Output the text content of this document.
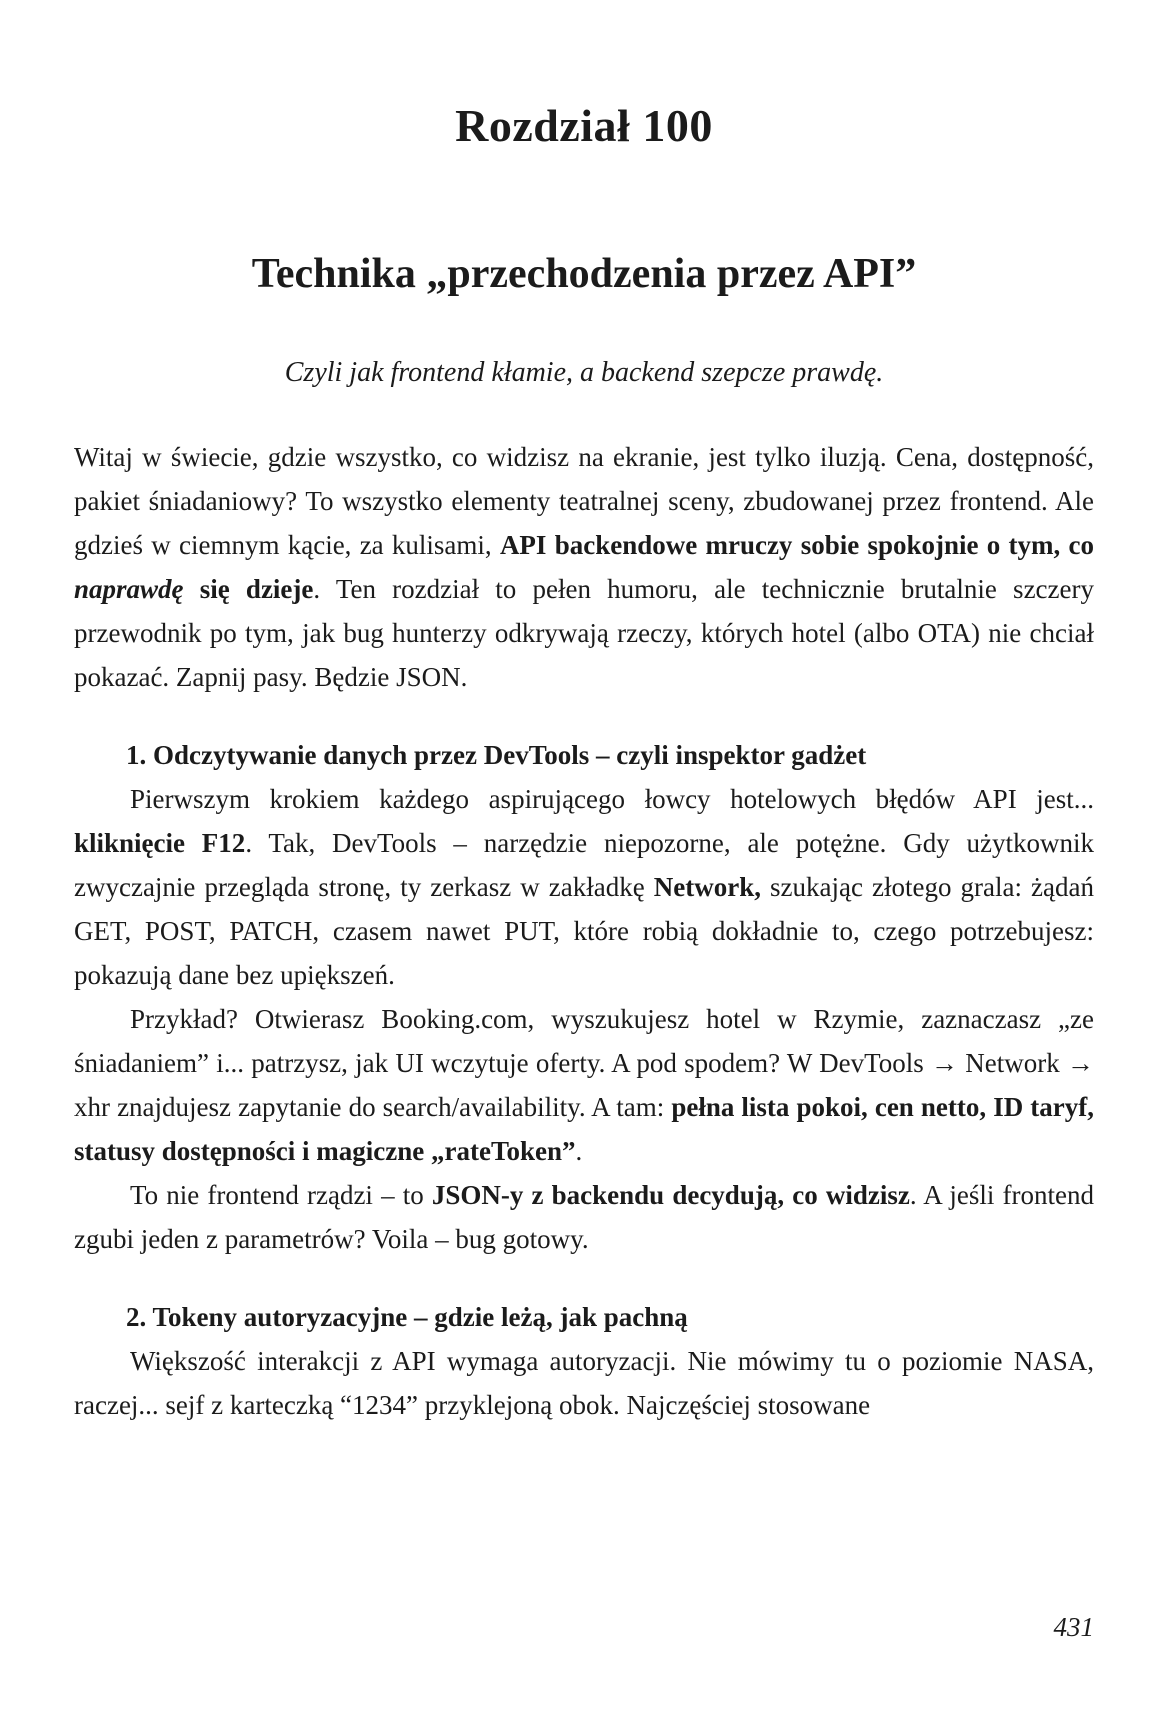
Rozdział 100
Technika „przechodzenia przez API”

Czyli jak frontend kłamie, a backend szepcze prawdę.

Witaj w świecie, gdzie wszystko, co widzisz na ekranie, jest tylko iluzją. Cena, dostępność, pakiet śniadaniowy? To wszystko elementy teatralnej sceny, zbudowanej przez frontend. Ale gdzieś w ciemnym kącie, za kulisami, API backendowe mruczy sobie spokojnie o tym, co naprawdę się dzieje. Ten rozdział to pełen humoru, ale technicznie brutalnie szczery przewodnik po tym, jak bug hunterzy odkrywają rzeczy, których hotel (albo OTA) nie chciał pokazać. Zapnij pasy. Będzie JSON.

1. Odczytywanie danych przez DevTools – czyli inspektor gadżet

Pierwszym krokiem każdego aspirującego łowcy hotelowych błędów API jest... kliknięcie F12. Tak, DevTools – narzędzie niepozorne, ale potężne. Gdy użytkownik zwyczajnie przegląda stronę, ty zerkasz w zakładkę Network, szukając złotego grala: żądań GET, POST, PATCH, czasem nawet PUT, które robią dokładnie to, czego potrzebujesz: pokazują dane bez upiększeń.

Przykład? Otwierasz Booking.com, wyszukujesz hotel w Rzymie, zaznaczasz „ze śniadaniem” i... patrzysz, jak UI wczytuje oferty. A pod spodem? W DevTools → Network → xhr znajdujesz zapytanie do search/availability. A tam: pełna lista pokoi, cen netto, ID taryf, statusy dostępności i magiczne „rateToken”.

To nie frontend rządzi – to JSON-y z backendu decydują, co widzisz. A jeśli frontend zgubi jeden z parametrów? Voila – bug gotowy.

2. Tokeny autoryzacyjne – gdzie leżą, jak pachną

Większość interakcji z API wymaga autoryzacji. Nie mówimy tu o poziomie NASA, raczej... sejf z karteczką “1234” przyklejoną obok. Najczęściej stosowane

431
